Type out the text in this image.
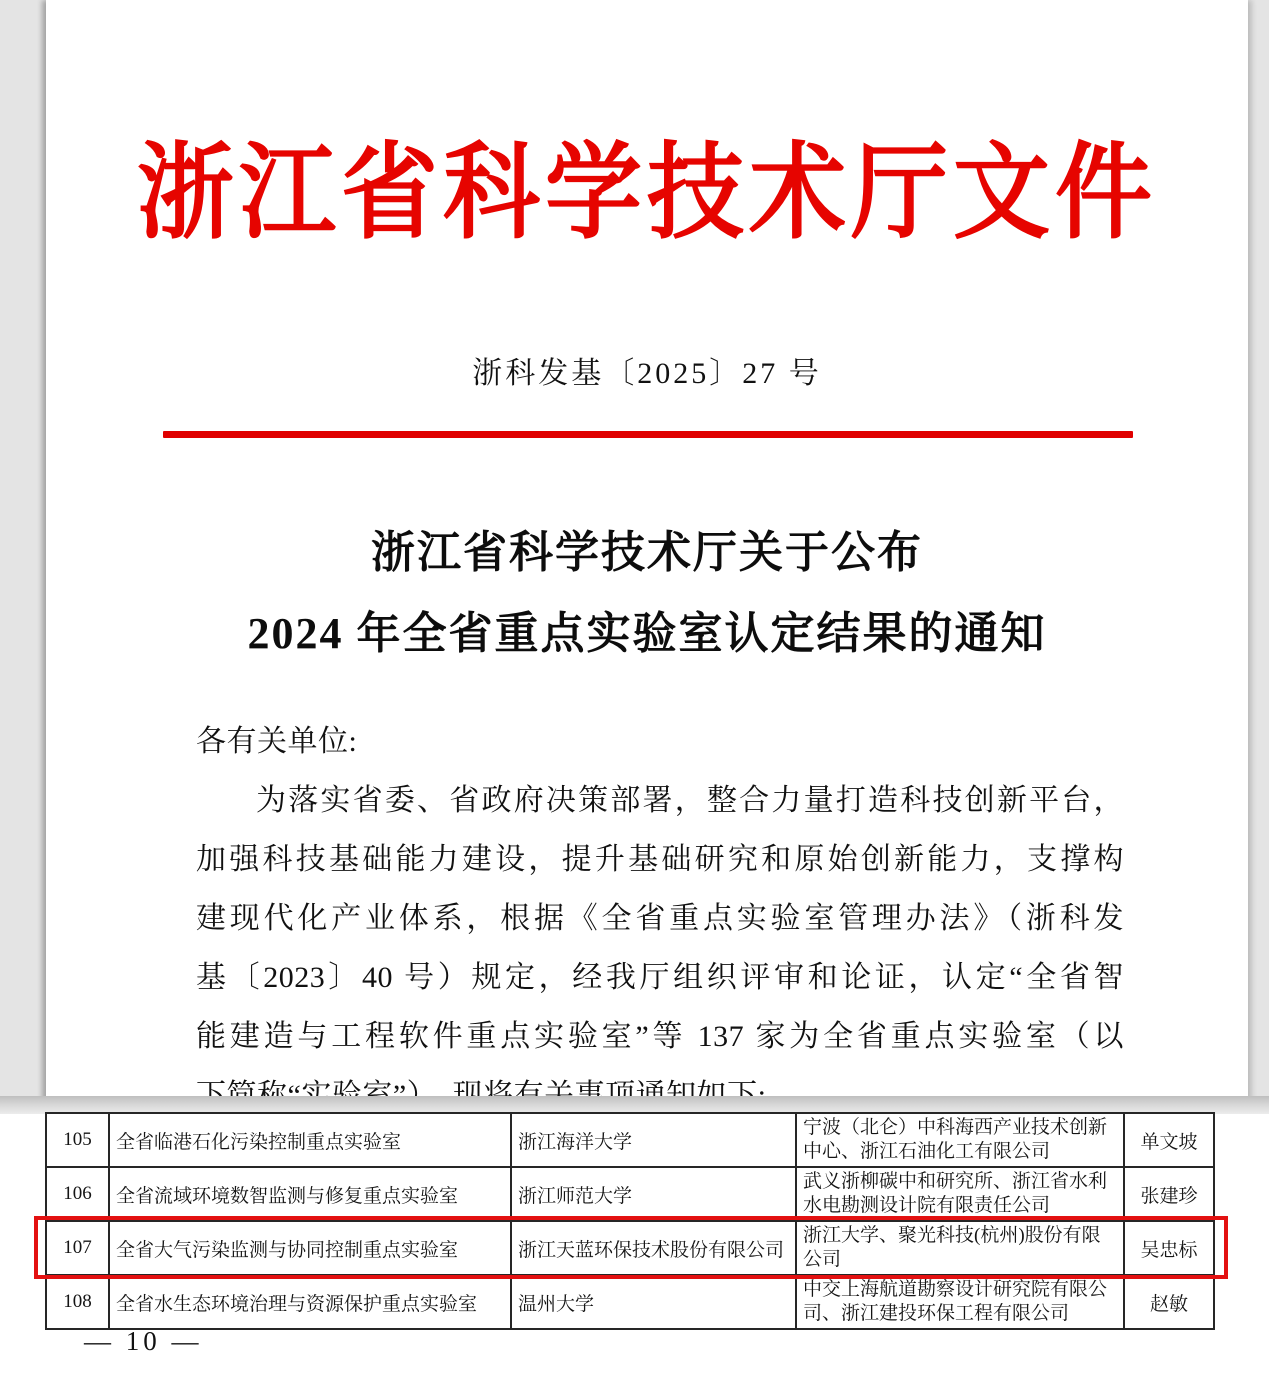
浙江省科学技术厅文件
浙科发基〔2025〕27 号
浙江省科学技术厅关于公布
2024 年全省重点实验室认定结果的通知
各有关单位:
为落实省委、省政府决策部署，整合力量打造科技创新平台，
加强科技基础能力建设，提升基础研究和原始创新能力，支撑构
建现代化产业体系，根据《全省重点实验室管理办法》（浙科发
基〔2023〕40 号）规定，经我厅组织评审和论证，认定“全省智
能建造与工程软件重点实验室”等 137 家为全省重点实验室（以
105	全省临港石化污染控制重点实验室	浙江海洋大学	宁波（北仑）中科海西产业技术创新中心、浙江石油化工有限公司	单文坡
106	全省流域环境数智监测与修复重点实验室	浙江师范大学	武义浙柳碳中和研究所、浙江省水利水电勘测设计院有限责任公司	张建珍
107	全省大气污染监测与协同控制重点实验室	浙江天蓝环保技术股份有限公司	浙江大学、聚光科技(杭州)股份有限公司	吴忠标
108	全省水生态环境治理与资源保护重点实验室	温州大学	中交上海航道勘察设计研究院有限公司、浙江建投环保工程有限公司	赵敏
— 10 —
